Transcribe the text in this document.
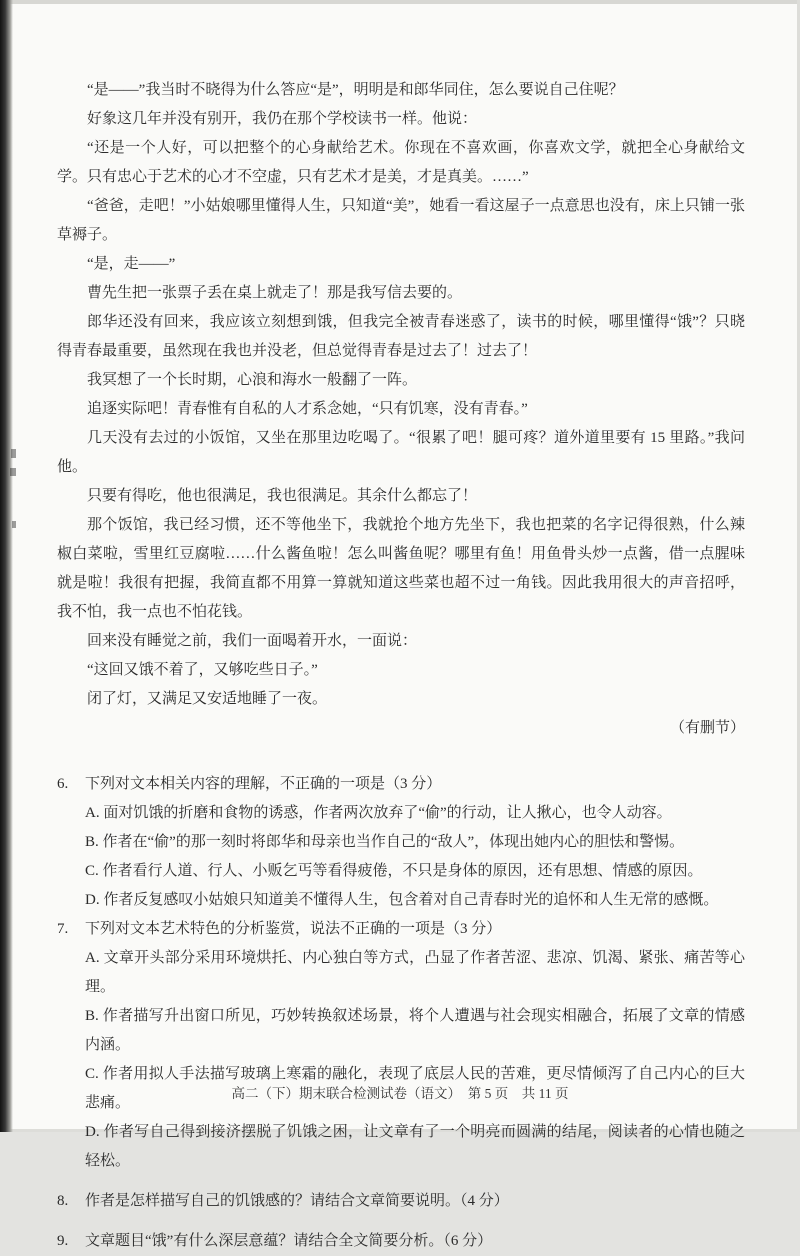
“是——”我当时不晓得为什么答应“是”，明明是和郎华同住，怎么要说自己住呢？

好象这几年并没有别开，我仍在那个学校读书一样。他说：

“还是一个人好，可以把整个的心身献给艺术。你现在不喜欢画，你喜欢文学，就把全心身献给文学。只有忠心于艺术的心才不空虚，只有艺术才是美，才是真美。……”

“爸爸，走吧！”小姑娘哪里懂得人生，只知道“美”，她看一看这屋子一点意思也没有，床上只铺一张草褥子。

“是，走——”

曹先生把一张票子丢在桌上就走了！那是我写信去要的。

郎华还没有回来，我应该立刻想到饿，但我完全被青春迷惑了，读书的时候，哪里懂得“饿”？只晓得青春最重要，虽然现在我也并没老，但总觉得青春是过去了！过去了！

我冥想了一个长时期，心浪和海水一般翻了一阵。

追逐实际吧！青春惟有自私的人才系念她，“只有饥寒，没有青春。”

几天没有去过的小饭馆，又坐在那里边吃喝了。“很累了吧！腿可疼？道外道里要有 15 里路。”我问他。

只要有得吃，他也很满足，我也很满足。其余什么都忘了！

那个饭馆，我已经习惯，还不等他坐下，我就抢个地方先坐下，我也把菜的名字记得很熟，什么辣椒白菜啦，雪里红豆腐啦……什么酱鱼啦！怎么叫酱鱼呢？哪里有鱼！用鱼骨头炒一点酱，借一点腥味就是啦！我很有把握，我简直都不用算一算就知道这些菜也超不过一角钱。因此我用很大的声音招呼，我不怕，我一点也不怕花钱。

回来没有睡觉之前，我们一面喝着开水，一面说：

“这回又饿不着了，又够吃些日子。”

闭了灯，又满足又安适地睡了一夜。

（有删节）

6. 下列对文本相关内容的理解，不正确的一项是（3 分）
A. 面对饥饿的折磨和食物的诱惑，作者两次放弃了“偷”的行动，让人揪心，也令人动容。
B. 作者在“偷”的那一刻时将郎华和母亲也当作自己的“敌人”，体现出她内心的胆怯和警惕。
C. 作者看行人道、行人、小贩乞丐等看得疲倦，不只是身体的原因，还有思想、情感的原因。
D. 作者反复感叹小姑娘只知道美不懂得人生，包含着对自己青春时光的追怀和人生无常的感慨。
7. 下列对文本艺术特色的分析鉴赏，说法不正确的一项是（3 分）
A. 文章开头部分采用环境烘托、内心独白等方式，凸显了作者苦涩、悲凉、饥渴、紧张、痛苦等心理。
B. 作者描写升出窗口所见，巧妙转换叙述场景，将个人遭遇与社会现实相融合，拓展了文章的情感内涵。
C. 作者用拟人手法描写玻璃上寒霜的融化，表现了底层人民的苦难，更尽情倾泻了自己内心的巨大悲痛。
D. 作者写自己得到接济摆脱了饥饿之困，让文章有了一个明亮而圆满的结尾，阅读者的心情也随之轻松。
8. 作者是怎样描写自己的饥饿感的？请结合文章简要说明。（4 分）
9. 文章题目“饿”有什么深层意蕴？请结合全文简要分析。（6 分）
高二（下）期末联合检测试卷（语文）　第 5 页　共 11 页
